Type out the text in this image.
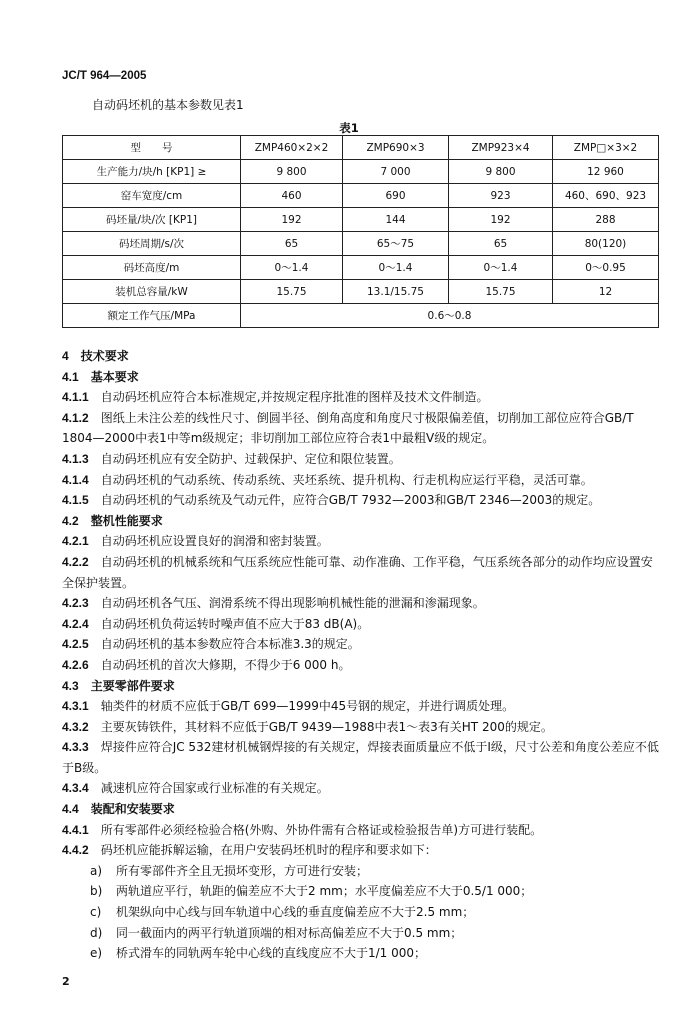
JC/T 964—2005
自动码坯机的基本参数见表1
表1
型　　号	ZMP460×2×2	ZMP690×3	ZMP923×4	ZMP□×3×2
生产能力/块/h [KP1] ≥	9 800	7 000	9 800	12 960
窑车宽度/cm	460	690	923	460、690、923
码坯量/块/次 [KP1]	192	144	192	288
码坯周期/s/次	65	65～75	65	80(120)
码坯高度/m	0～1.4	0～1.4	0～1.4	0～0.95
装机总容量/kW	15.75	13.1/15.75	15.75	12
额定工作气压/MPa	0.6～0.8			

4 技术要求

4.1 基本要求

4.1.1 自动码坯机应符合本标准规定,并按规定程序批准的图样及技术文件制造。

4.1.2 图纸上未注公差的线性尺寸、倒圆半径、倒角高度和角度尺寸极限偏差值，切削加工部位应符合GB/T 1804—2000中表1中等m级规定；非切削加工部位应符合表1中最粗V级的规定。

4.1.3 自动码坯机应有安全防护、过载保护、定位和限位装置。

4.1.4 自动码坯机的气动系统、传动系统、夹坯系统、提升机构、行走机构应运行平稳，灵活可靠。

4.1.5 自动码坯机的气动系统及气动元件，应符合GB/T 7932—2003和GB/T 2346—2003的规定。

4.2 整机性能要求

4.2.1 自动码坯机应设置良好的润滑和密封装置。

4.2.2 自动码坯机的机械系统和气压系统应性能可靠、动作准确、工作平稳，气压系统各部分的动作均应设置安全保护装置。

4.2.3 自动码坯机各气压、润滑系统不得出现影响机械性能的泄漏和渗漏现象。

4.2.4 自动码坯机负荷运转时噪声值不应大于83 dB(A)。

4.2.5 自动码坯机的基本参数应符合本标准3.3的规定。

4.2.6 自动码坯机的首次大修期，不得少于6 000 h。

4.3 主要零部件要求

4.3.1 轴类件的材质不应低于GB/T 699—1999中45号钢的规定，并进行调质处理。

4.3.2 主要灰铸铁件，其材料不应低于GB/T 9439—1988中表1～表3有关HT 200的规定。

4.3.3 焊接件应符合JC 532建材机械钢焊接的有关规定，焊接表面质量应不低于Ⅰ级，尺寸公差和角度公差应不低于B级。

4.3.4 减速机应符合国家或行业标准的有关规定。

4.4 装配和安装要求

4.4.1 所有零部件必须经检验合格(外购、外协件需有合格证或检验报告单)方可进行装配。

4.4.2 码坯机应能拆解运输，在用户安装码坯机时的程序和要求如下：

a) 所有零部件齐全且无损坏变形，方可进行安装；

b) 两轨道应平行，轨距的偏差应不大于2 mm；水平度偏差应不大于0.5/1 000；

c) 机架纵向中心线与回车轨道中心线的垂直度偏差应不大于2.5 mm；

d) 同一截面内的两平行轨道顶端的相对标高偏差应不大于0.5 mm；

e) 桥式滑车的同轨两车轮中心线的直线度应不大于1/1 000；

2
